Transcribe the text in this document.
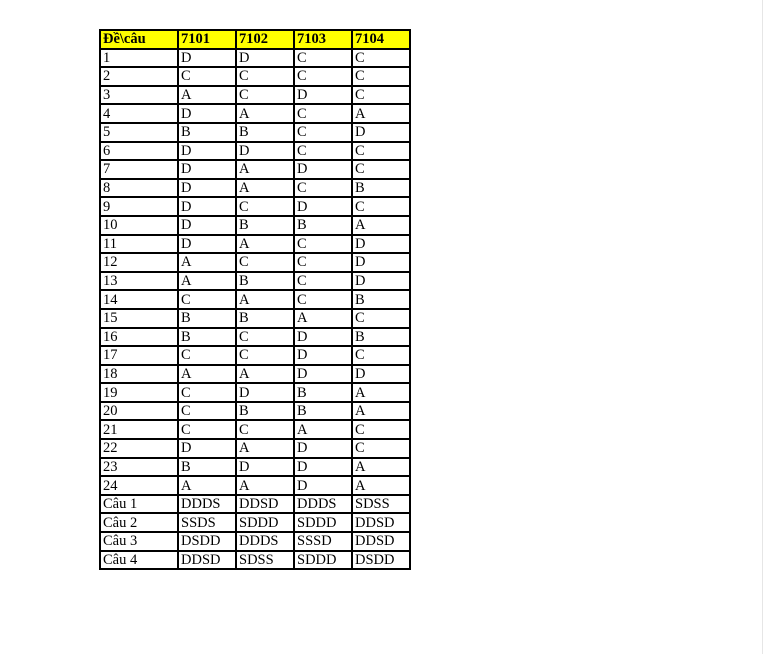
Đề\câu	7101	7102	7103	7104
1	D	D	C	C
2	C	C	C	C
3	A	C	D	C
4	D	A	C	A
5	B	B	C	D
6	D	D	C	C
7	D	A	D	C
8	D	A	C	B
9	D	C	D	C
10	D	B	B	A
11	D	A	C	D
12	A	C	C	D
13	A	B	C	D
14	C	A	C	B
15	B	B	A	C
16	B	C	D	B
17	C	C	D	C
18	A	A	D	D
19	C	D	B	A
20	C	B	B	A
21	C	C	A	C
22	D	A	D	C
23	B	D	D	A
24	A	A	D	A
Câu 1	DDDS	DDSD	DDDS	SDSS
Câu 2	SSDS	SDDD	SDDD	DDSD
Câu 3	DSDD	DDDS	SSSD	DDSD
Câu 4	DDSD	SDSS	SDDD	DSDD
